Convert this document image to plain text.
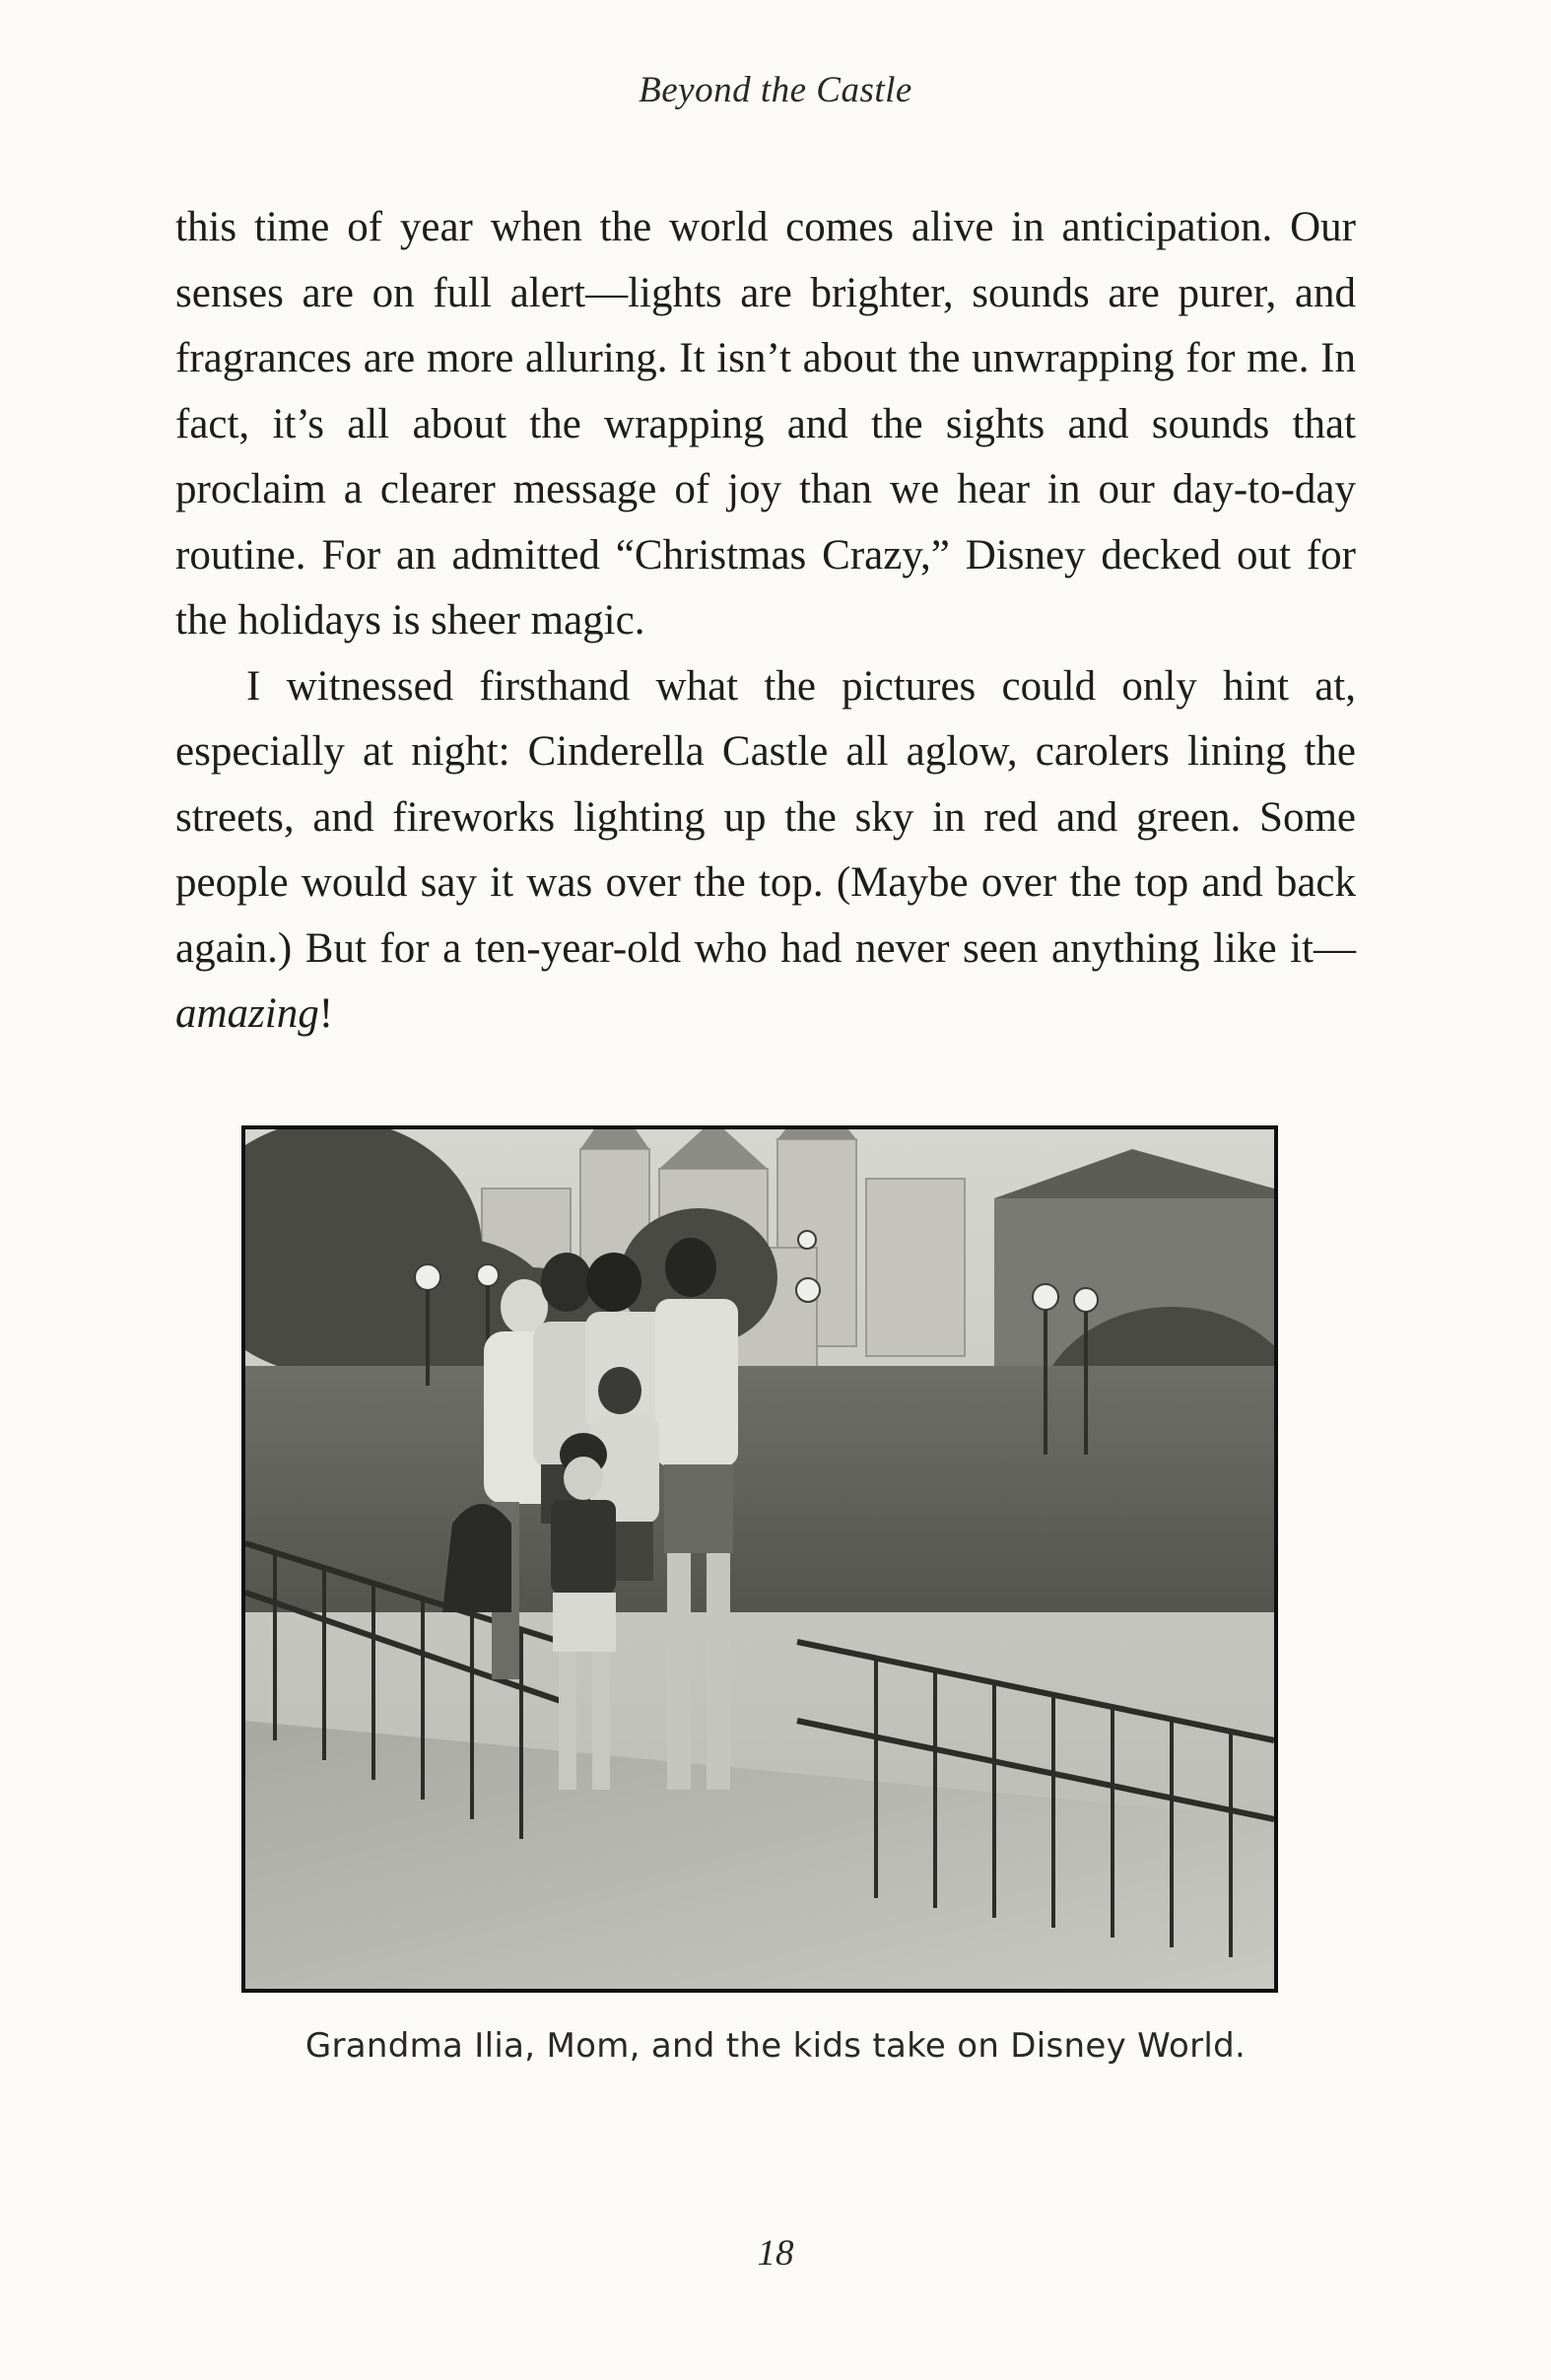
Beyond the Castle

this time of year when the world comes alive in anticipation. Our senses are on full alert—lights are brighter, sounds are purer, and fragrances are more alluring. It isn’t about the unwrapping for me. In fact, it’s all about the wrapping and the sights and sounds that proclaim a clearer message of joy than we hear in our day-to-day routine. For an admitted “Christmas Crazy,” Disney decked out for the holidays is sheer magic.

I witnessed firsthand what the pictures could only hint at, especially at night: Cinderella Castle all aglow, carolers lining the streets, and fireworks lighting up the sky in red and green. Some people would say it was over the top. (Maybe over the top and back again.) But for a ten-year-old who had never seen anything like it—amazing!

Grandma Ilia, Mom, and the kids take on Disney World.
18
